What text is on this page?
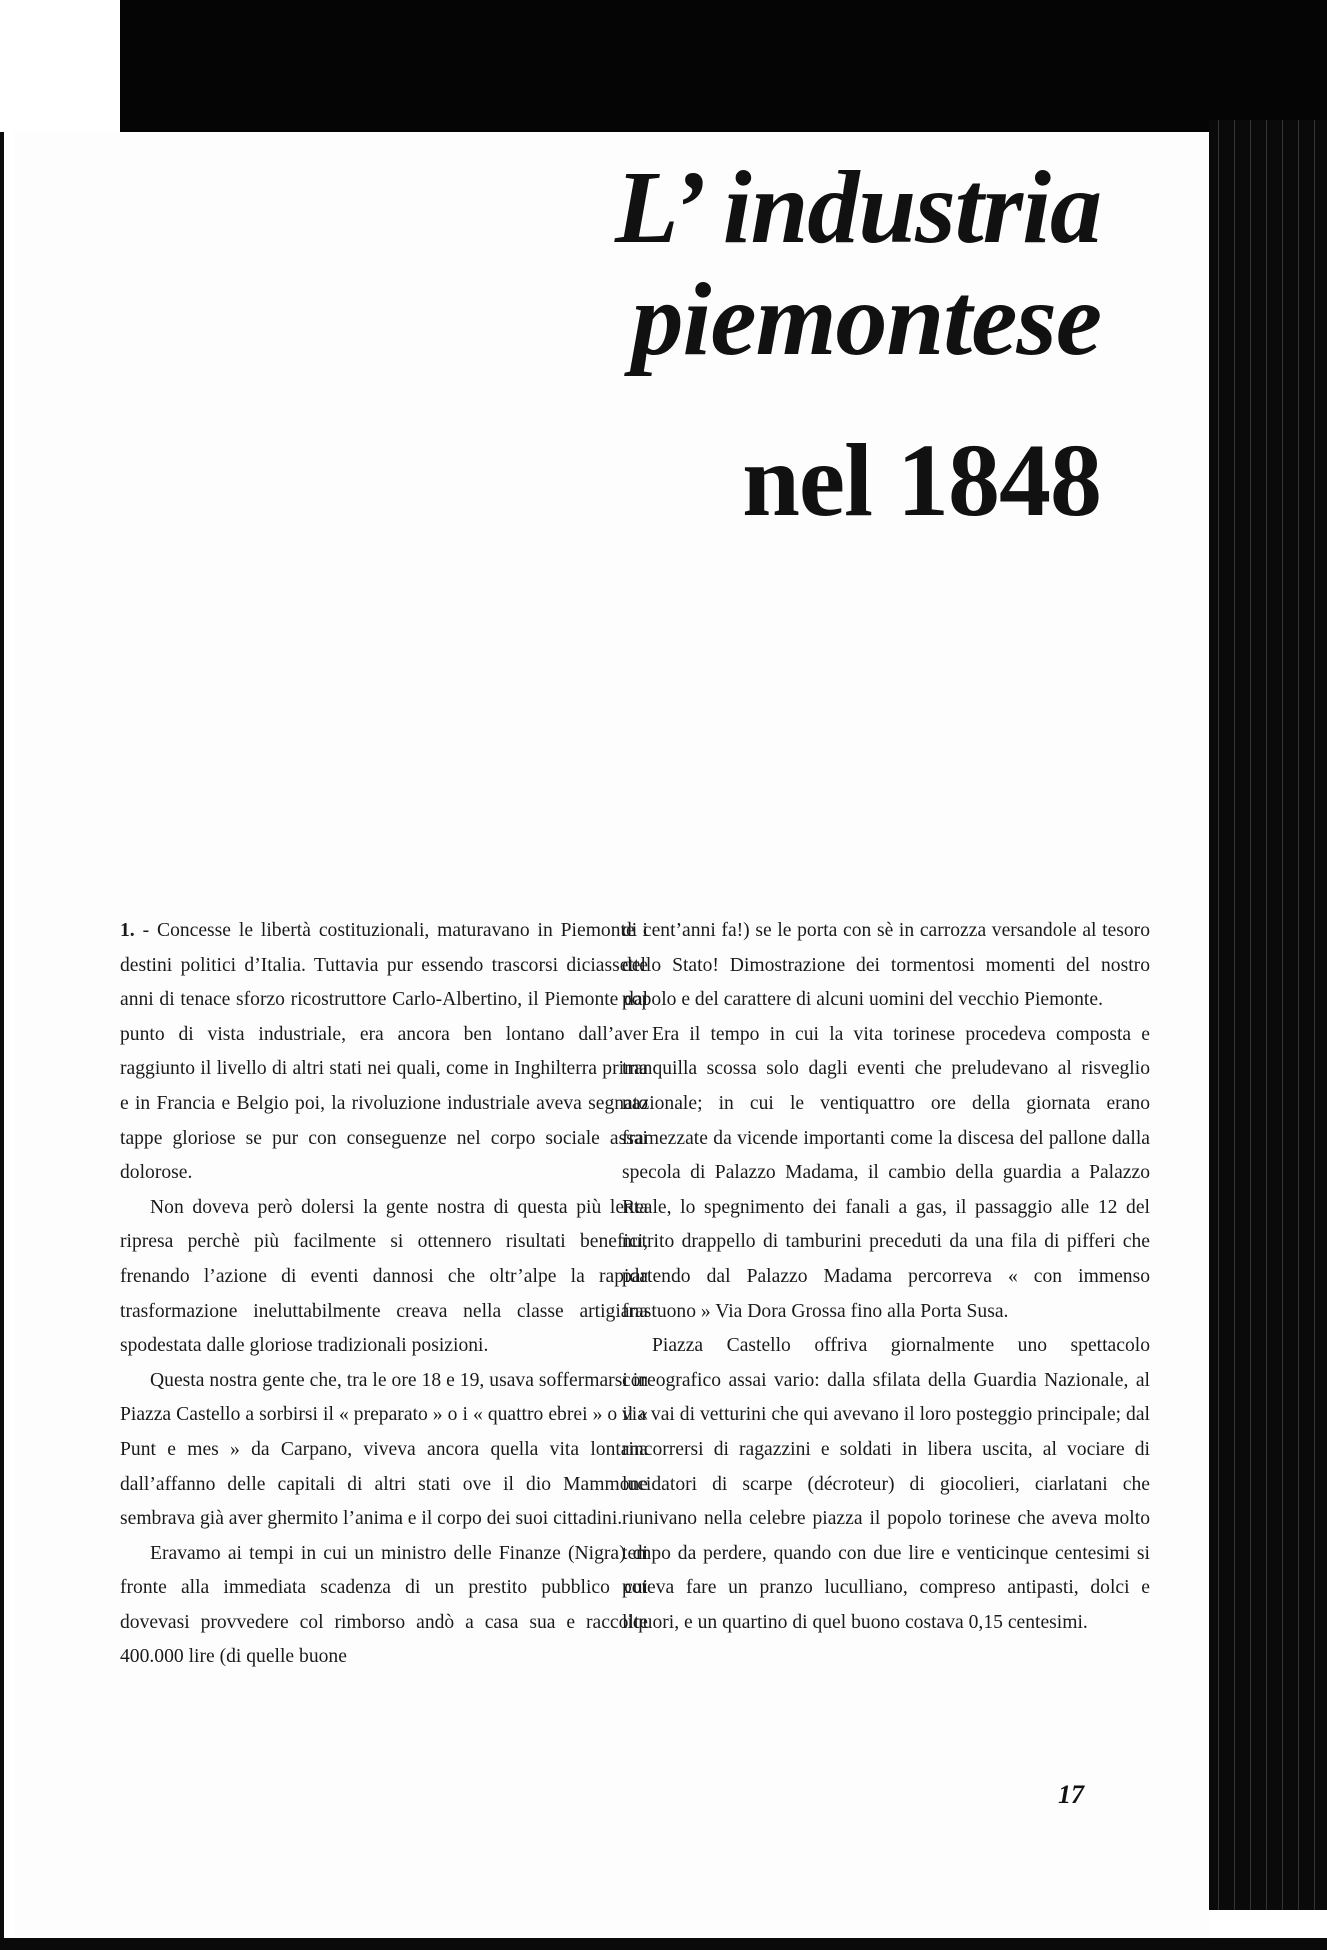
L’ industria
piemontese
nel 1848

1. - Concesse le libertà costituzionali, maturavano in Piemonte i destini politici d’Italia. Tuttavia pur essendo trascorsi diciassette anni di tenace sforzo ricostruttore Carlo-Albertino, il Piemonte dal punto di vista industriale, era ancora ben lontano dall’aver raggiunto il livello di altri stati nei quali, come in Inghilterra prima e in Francia e Belgio poi, la rivoluzione industriale aveva segnato tappe gloriose se pur con conseguenze nel corpo sociale assai dolorose.

Non doveva però dolersi la gente nostra di questa più lenta ripresa perchè più facilmente si ottennero risultati benefici, frenando l’azione di eventi dannosi che oltr’alpe la rapida trasformazione ineluttabilmente creava nella classe artigiana spodestata dalle gloriose tradizionali posizioni.

Questa nostra gente che, tra le ore 18 e 19, usava soffermarsi in Piazza Castello a sorbirsi il « preparato » o i « quattro ebrei » o il « Punt e mes » da Carpano, viveva ancora quella vita lontana dall’affanno delle capitali di altri stati ove il dio Mammone sembrava già aver ghermito l’anima e il corpo dei suoi cittadini.

Eravamo ai tempi in cui un ministro delle Finanze (Nigra) di fronte alla immediata scadenza di un prestito pubblico cui dovevasi provvedere col rimborso andò a casa sua e raccolte 400.000 lire (di quelle buone

di cent’anni fa!) se le porta con sè in carrozza versandole al tesoro dello Stato! Dimostrazione dei tormentosi momenti del nostro popolo e del carattere di alcuni uomini del vecchio Piemonte.

Era il tempo in cui la vita torinese procedeva composta e tranquilla scossa solo dagli eventi che preludevano al risveglio nazionale; in cui le ventiquattro ore della giornata erano framezzate da vicende importanti come la discesa del pallone dalla specola di Palazzo Madama, il cambio della guardia a Palazzo Reale, lo spegnimento dei fanali a gas, il passaggio alle 12 del nutrito drappello di tamburini preceduti da una fila di pifferi che partendo dal Palazzo Madama percorreva « con immenso frastuono » Via Dora Grossa fino alla Porta Susa.

Piazza Castello offriva giornalmente uno spettacolo coreografico assai vario: dalla sfilata della Guardia Nazionale, al via vai di vetturini che qui avevano il loro posteggio principale; dal rincorrersi di ragazzini e soldati in libera uscita, al vociare di lucidatori di scarpe (décroteur) di giocolieri, ciarlatani che riunivano nella celebre piazza il popolo torinese che aveva molto tempo da perdere, quando con due lire e venticinque centesimi si poteva fare un pranzo luculliano, compreso antipasti, dolci e liquori, e un quartino di quel buono costava 0,15 centesimi.

17
